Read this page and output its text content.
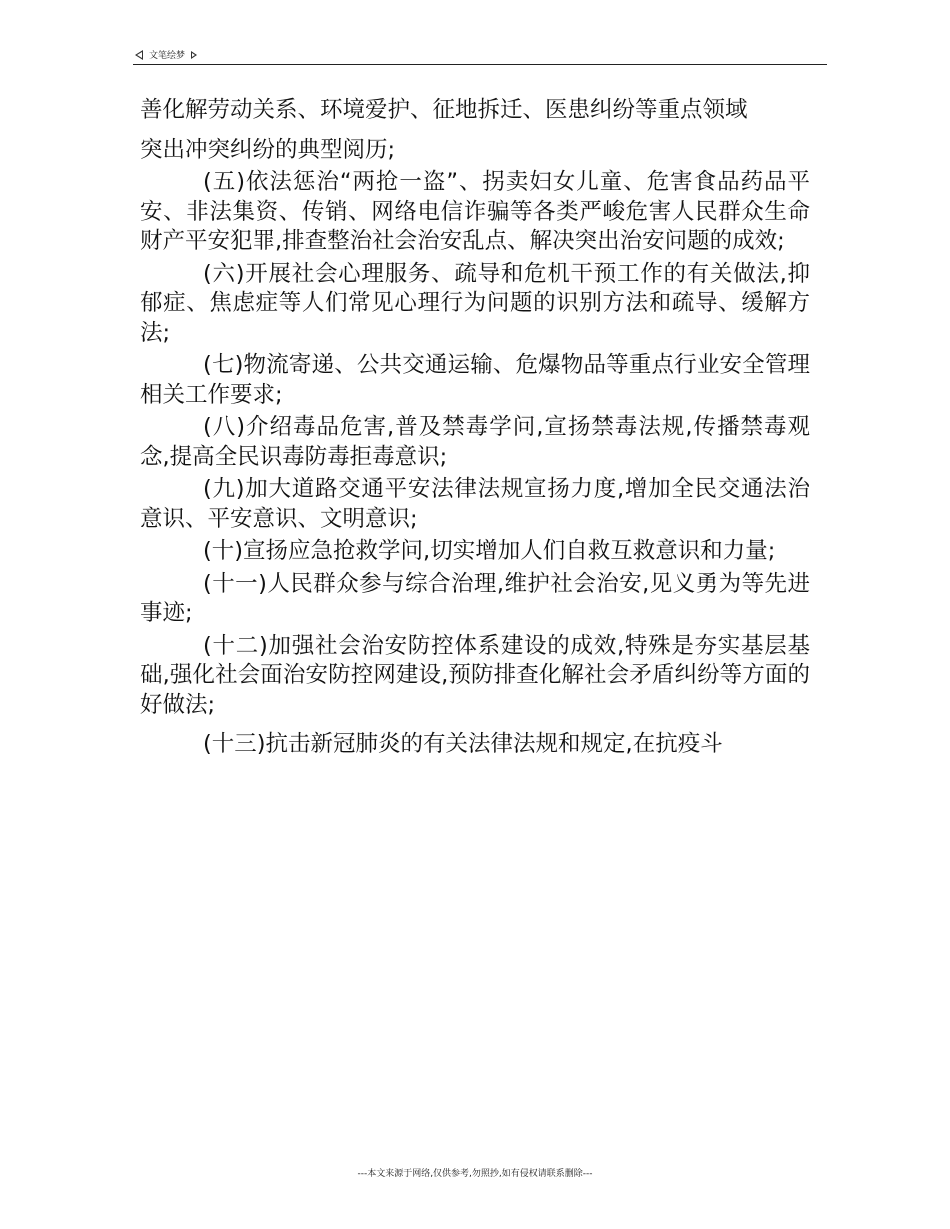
文笔绘梦

善化解劳动关系、环境爱护、征地拆迁、医患纠纷等重点领域

突出冲突纠纷的典型阅历;

(五)依法惩治“两抢一盗”、拐卖妇女儿童、危害食品药品平安、非法集资、传销、网络电信诈骗等各类严峻危害人民群众生命财产平安犯罪,排查整治社会治安乱点、解决突出治安问题的成效;

(六)开展社会心理服务、疏导和危机干预工作的有关做法,抑郁症、焦虑症等人们常见心理行为问题的识别方法和疏导、缓解方法;

(七)物流寄递、公共交通运输、危爆物品等重点行业安全管理相关工作要求;

(八)介绍毒品危害,普及禁毒学问,宣扬禁毒法规,传播禁毒观念,提高全民识毒防毒拒毒意识;

(九)加大道路交通平安法律法规宣扬力度,增加全民交通法治意识、平安意识、文明意识;

(十)宣扬应急抢救学问,切实增加人们自救互救意识和力量;

(十一)人民群众参与综合治理,维护社会治安,见义勇为等先进事迹;

(十二)加强社会治安防控体系建设的成效,特殊是夯实基层基础,强化社会面治安防控网建设,预防排查化解社会矛盾纠纷等方面的好做法;

(十三)抗击新冠肺炎的有关法律法规和规定,在抗疫斗

---本文来源于网络,仅供参考,勿照抄,如有侵权请联系删除---
